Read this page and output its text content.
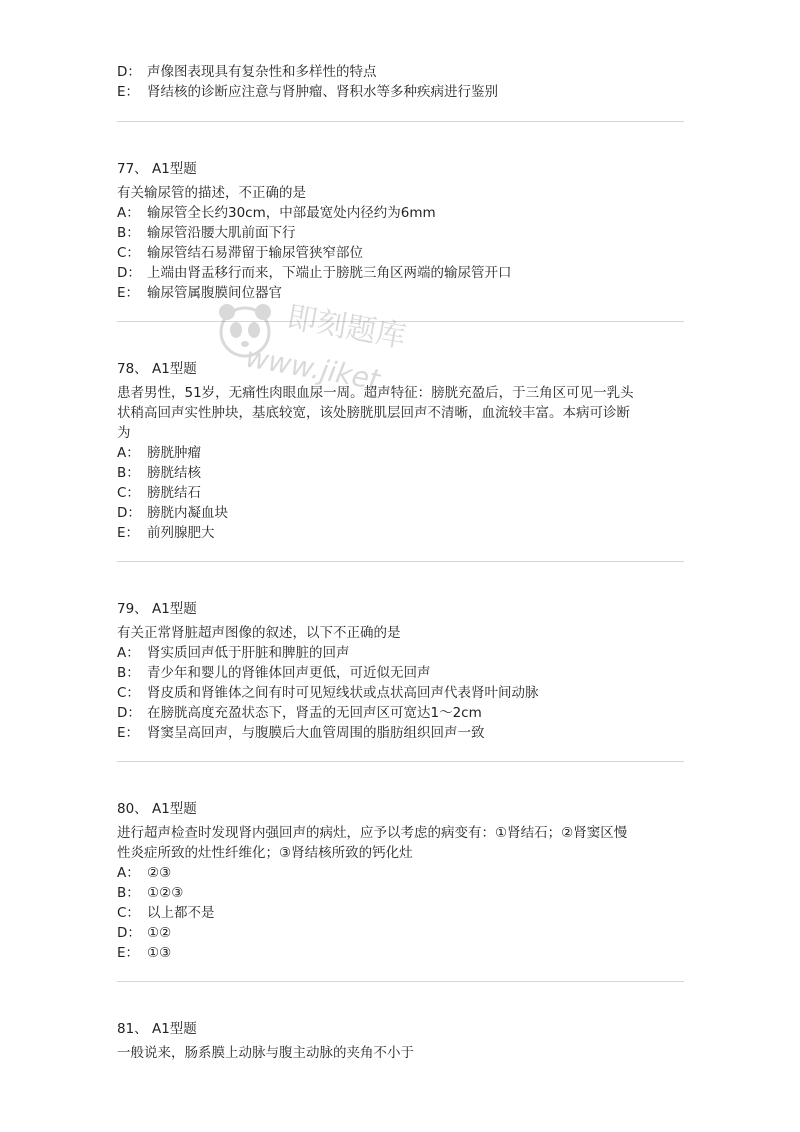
D： 声像图表现具有复杂性和多样性的特点
E： 肾结核的诊断应注意与肾肿瘤、肾积水等多种疾病进行鉴别
77、 A1型题
有关输尿管的描述，不正确的是
A： 输尿管全长约30cm，中部最宽处内径约为6mm
B： 输尿管沿腰大肌前面下行
C： 输尿管结石易滞留于输尿管狭窄部位
D： 上端由肾盂移行而来，下端止于膀胱三角区两端的输尿管开口
E： 输尿管属腹膜间位器官
78、 A1型题
患者男性，51岁，无痛性肉眼血尿一周。超声特征：膀胱充盈后，于三角区可见一乳头
状稍高回声实性肿块，基底较宽，该处膀胱肌层回声不清晰，血流较丰富。本病可诊断
为
A： 膀胱肿瘤
B： 膀胱结核
C： 膀胱结石
D： 膀胱内凝血块
E： 前列腺肥大
79、 A1型题
有关正常肾脏超声图像的叙述，以下不正确的是
A： 肾实质回声低于肝脏和脾脏的回声
B： 青少年和婴儿的肾锥体回声更低，可近似无回声
C： 肾皮质和肾锥体之间有时可见短线状或点状高回声代表肾叶间动脉
D： 在膀胱高度充盈状态下，肾盂的无回声区可宽达1～2cm
E： 肾窦呈高回声，与腹膜后大血管周围的脂肪组织回声一致
80、 A1型题
进行超声检查时发现肾内强回声的病灶，应予以考虑的病变有：①肾结石；②肾窦区慢
性炎症所致的灶性纤维化；③肾结核所致的钙化灶
A： ②③
B： ①②③
C： 以上都不是
D： ①②
E： ①③
81、 A1型题
一般说来，肠系膜上动脉与腹主动脉的夹角不小于
即刻题库
www.jiket
